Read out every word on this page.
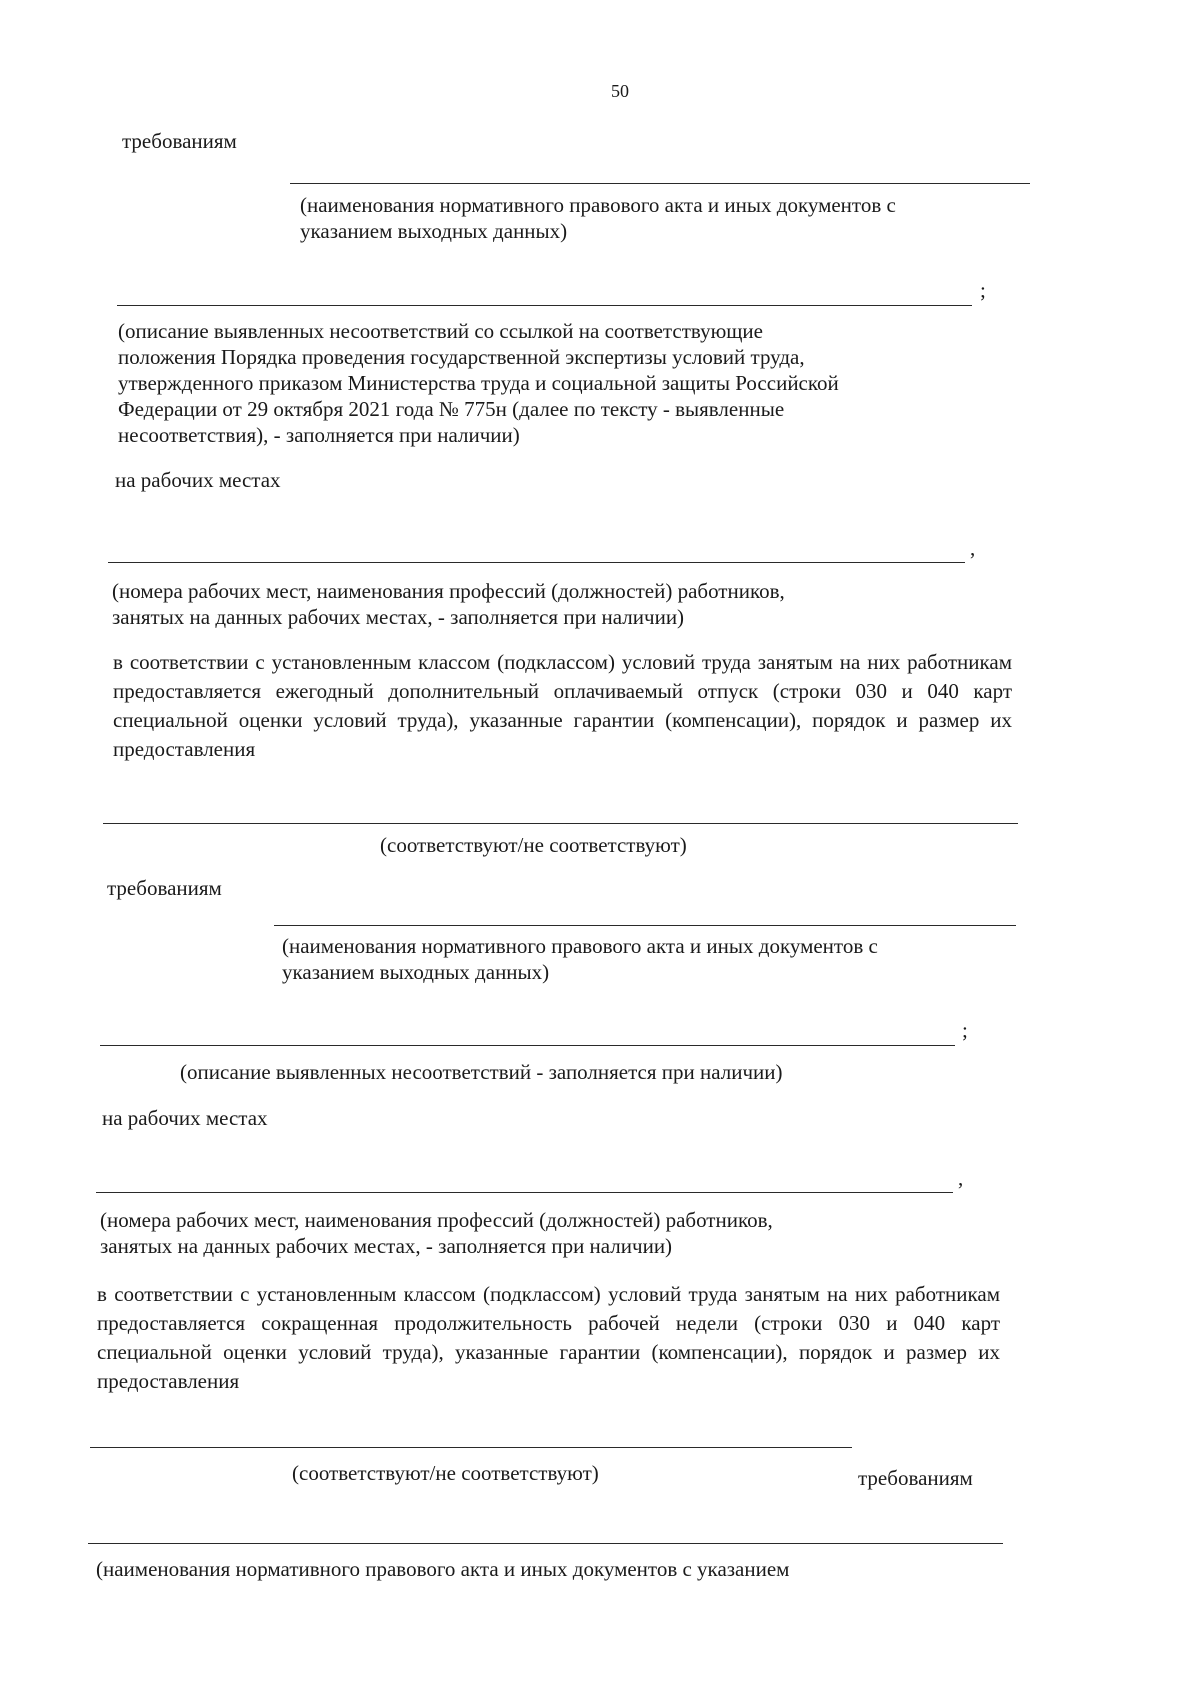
50
требованиям
(наименования нормативного правового акта и иных документов с
указанием выходных данных)
;
(описание выявленных несоответствий со ссылкой на соответствующие
положения Порядка проведения государственной экспертизы условий труда,
утвержденного приказом Министерства труда и социальной защиты Российской
Федерации от 29 октября 2021 года № 775н (далее по тексту - выявленные
несоответствия), - заполняется при наличии)
на рабочих местах
,
(номера рабочих мест, наименования профессий (должностей) работников,
занятых на данных рабочих местах, - заполняется при наличии)

в соответствии с установленным классом (подклассом) условий труда занятым на них работникам предоставляется ежегодный дополнительный оплачиваемый отпуск (строки 030 и 040 карт специальной оценки условий труда), указанные гарантии (компенсации), порядок и размер их предоставления

(соответствуют/не соответствуют)
требованиям
(наименования нормативного правового акта и иных документов с
указанием выходных данных)
;
(описание выявленных несоответствий - заполняется при наличии)
на рабочих местах
,
(номера рабочих мест, наименования профессий (должностей) работников,
занятых на данных рабочих местах, - заполняется при наличии)

в соответствии с установленным классом (подклассом) условий труда занятым на них работникам предоставляется сокращенная продолжительность рабочей недели (строки 030 и 040 карт специальной оценки условий труда), указанные гарантии (компенсации), порядок и размер их предоставления

(соответствуют/не соответствуют)	требованиям
(наименования нормативного правового акта и иных документов с указанием
